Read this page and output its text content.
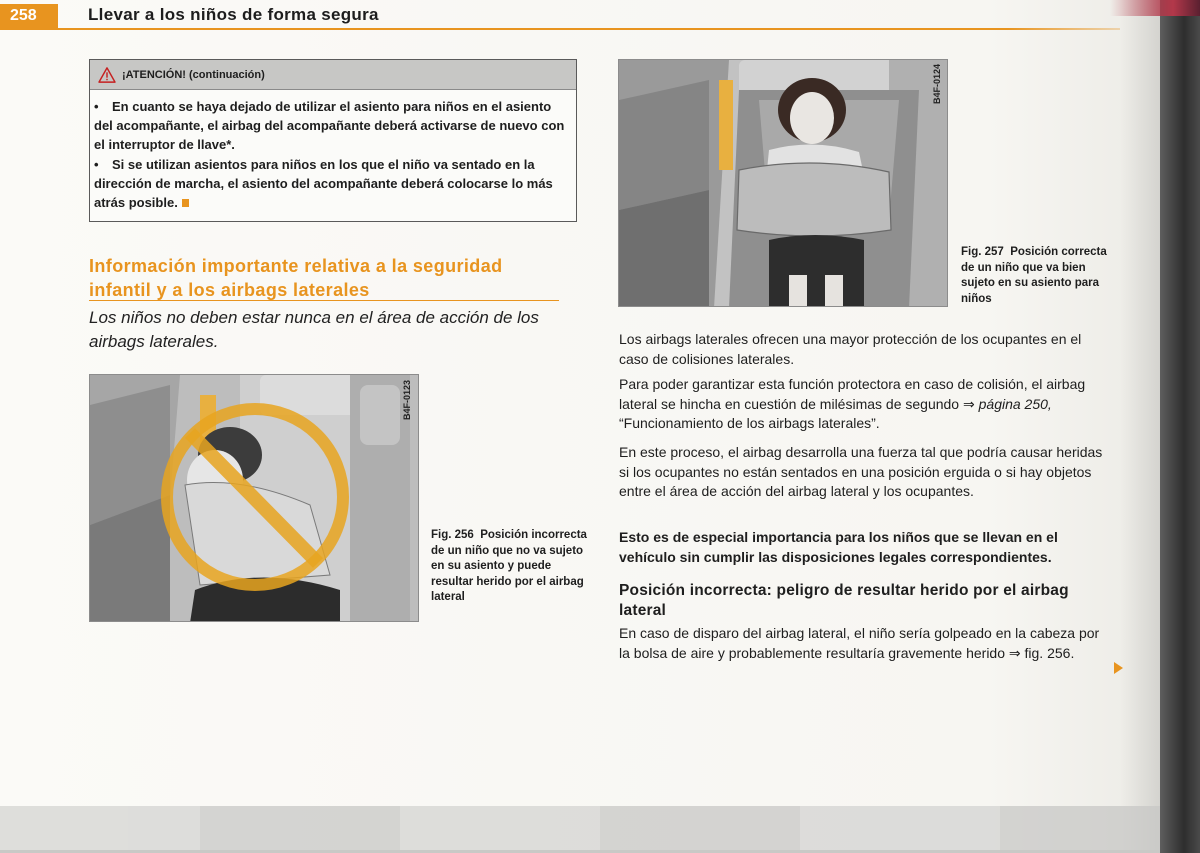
258	Llevar a los niños de forma segura
¡ATENCIÓN! (continuación)

• En cuanto se haya dejado de utilizar el asiento para niños en el asiento del acompañante, el airbag del acompañante deberá activarse de nuevo con el interruptor de llave*.

• Si se utilizan asientos para niños en los que el niño va sentado en la dirección de marcha, el asiento del acompañante deberá colocarse lo más atrás posible.

Información importante relativa a la seguridad infantil y a los airbags laterales
Los niños no deben estar nunca en el área de acción de los airbags laterales.
B4F-0123
Fig. 256 Posición incorrecta de un niño que no va sujeto en su asiento y puede resultar herido por el airbag lateral
B4F-0124
Fig. 257 Posición correcta de un niño que va bien sujeto en su asiento para niños
Los airbags laterales ofrecen una mayor protección de los ocupantes en el caso de colisiones laterales.
Para poder garantizar esta función protectora en caso de colisión, el airbag lateral se hincha en cuestión de milésimas de segundo ⇒ página 250, “Funcionamiento de los airbags laterales”.
En este proceso, el airbag desarrolla una fuerza tal que podría causar heridas si los ocupantes no están sentados en una posición erguida o si hay objetos entre el área de acción del airbag lateral y los ocupantes.
Esto es de especial importancia para los niños que se llevan en el vehículo sin cumplir las disposiciones legales correspondientes.
Posición incorrecta: peligro de resultar herido por el airbag lateral
En caso de disparo del airbag lateral, el niño sería golpeado en la cabeza por la bolsa de aire y probablemente resultaría gravemente herido ⇒ fig. 256.
